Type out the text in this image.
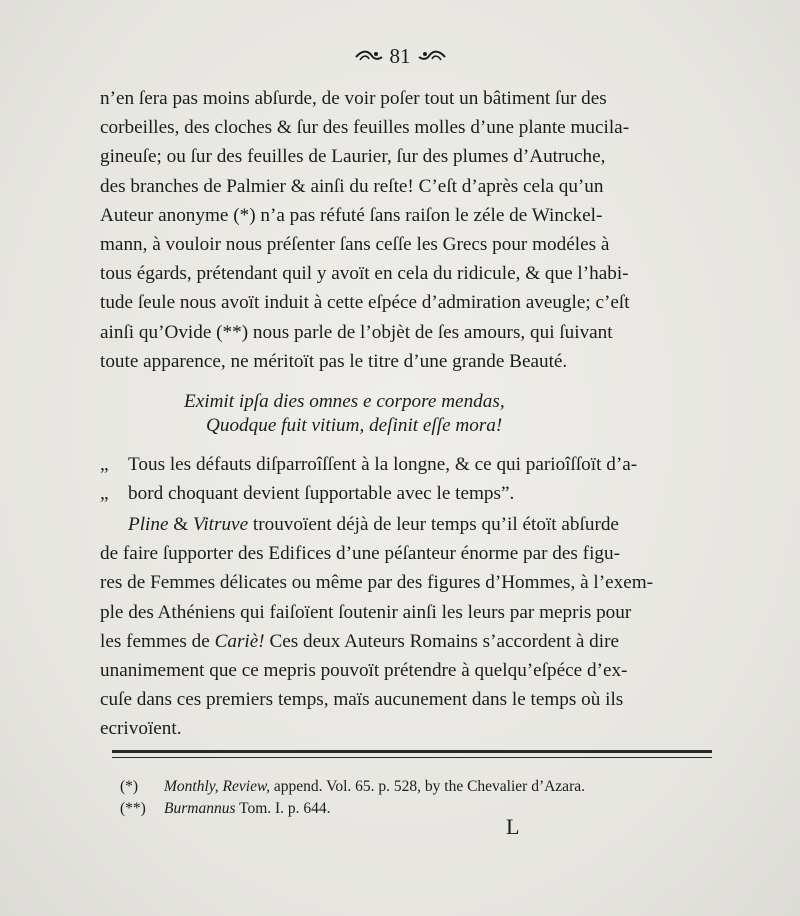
81

n’en ſera pas moins abſurde, de voir poſer tout un bâtiment ſur des

corbeilles, des cloches & ſur des feuilles molles d’une plante mucila-

gineuſe; ou ſur des feuilles de Laurier, ſur des plumes d’Autruche,

des branches de Palmier & ainſi du reſte! C’eſt d’après cela qu’un

Auteur anonyme (*) n’a pas réfuté ſans raiſon le zéle de Winckel-

mann, à vouloir nous préſenter ſans ceſſe les Grecs pour modéles à

tous égards, prétendant quil y avoït en cela du ridicule, & que l’habi-

tude ſeule nous avoït induit à cette eſpéce d’admiration aveugle; c’eſt

ainſi qu’Ovide (**) nous parle de l’objèt de ſes amours, qui ſuivant

toute apparence, ne méritoït pas le titre d’une grande Beauté.

Eximit ipſa dies omnes e corpore mendas,
Quodque fuit vitium, deſinit eſſe mora!
„ Tous les défauts diſparroîſſent à la longne, & ce qui parioîſſoït d’a-
„ bord choquant devient ſupportable avec le temps”.

Pline & Vitruve trouvoïent déjà de leur temps qu’il étoït abſurde

de faire ſupporter des Edifices d’une péſanteur énorme par des figu-

res de Femmes délicates ou même par des figures d’Hommes, à l’exem-

ple des Athéniens qui faiſoïent ſoutenir ainſi les leurs par mepris pour

les femmes de Cariè! Ces deux Auteurs Romains s’accordent à dire

unanimement que ce mepris pouvoït prétendre à quelqu’eſpéce d’ex-

cuſe dans ces premiers temps, maïs aucunement dans le temps où ils

ecrivoïent.

(*) Monthly, Review, append. Vol. 65. p. 528, by the Chevalier d’Azara.
(**) Burmannus Tom. I. p. 644.
L
